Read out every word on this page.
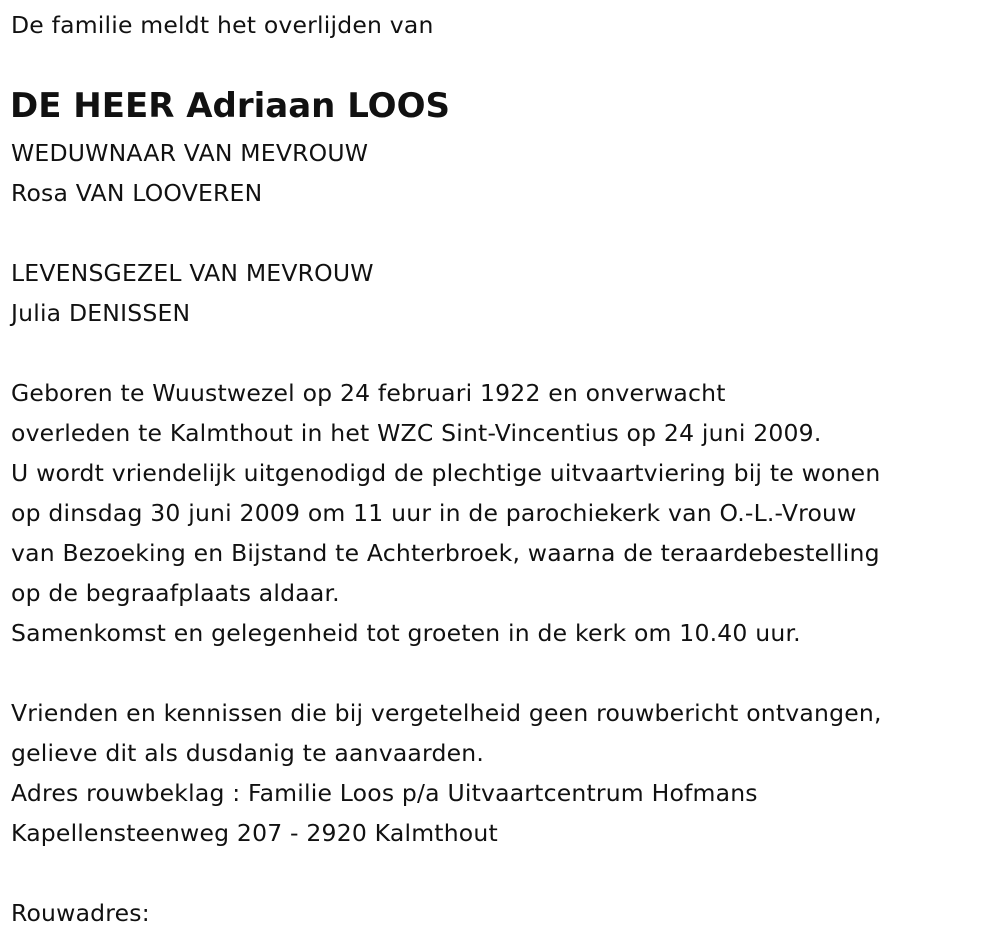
De familie meldt het overlijden van
DE HEER Adriaan LOOS
WEDUWNAAR VAN MEVROUW
Rosa VAN LOOVEREN
LEVENSGEZEL VAN MEVROUW
Julia DENISSEN
Geboren te Wuustwezel op 24 februari 1922 en onverwacht
overleden te Kalmthout in het WZC Sint-Vincentius op 24 juni 2009.
U wordt vriendelijk uitgenodigd de plechtige uitvaartviering bij te wonen
op dinsdag 30 juni 2009 om 11 uur in de parochiekerk van O.-L.-Vrouw
van Bezoeking en Bijstand te Achterbroek, waarna de teraardebestelling
op de begraafplaats aldaar.
Samenkomst en gelegenheid tot groeten in de kerk om 10.40 uur.
Vrienden en kennissen die bij vergetelheid geen rouwbericht ontvangen,
gelieve dit als dusdanig te aanvaarden.
Adres rouwbeklag : Familie Loos p/a Uitvaartcentrum Hofmans
Kapellensteenweg 207 - 2920 Kalmthout
Rouwadres:
